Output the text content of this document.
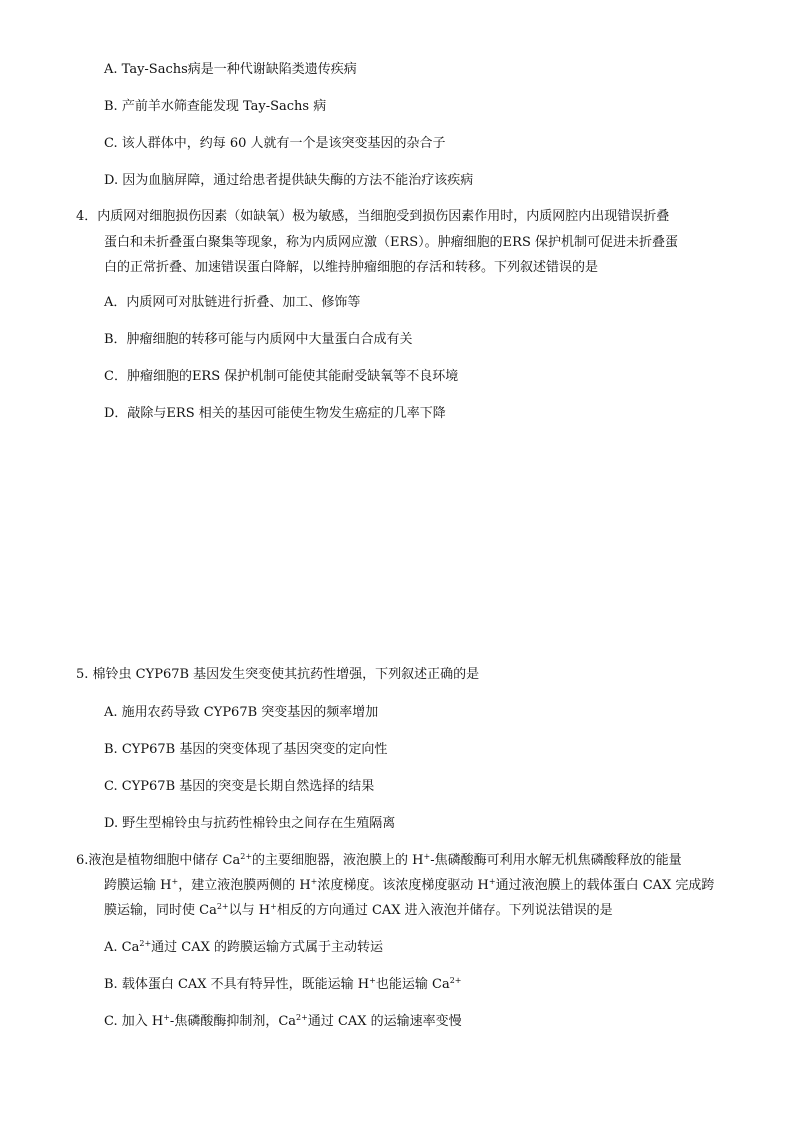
A. Tay-Sachs病是一种代谢缺陷类遗传疾病
B. 产前羊水筛查能发现 Tay-Sachs 病
C. 该人群体中，约每 60 人就有一个是该突变基因的杂合子
D. 因为血脑屏障，通过给患者提供缺失酶的方法不能治疗该疾病
4．内质网对细胞损伤因素（如缺氧）极为敏感，当细胞受到损伤因素作用时，内质网腔内出现错误折叠
蛋白和未折叠蛋白聚集等现象，称为内质网应激（ERS）。肿瘤细胞的ERS 保护机制可促进未折叠蛋
白的正常折叠、加速错误蛋白降解，以维持肿瘤细胞的存活和转移。下列叙述错误的是
A．内质网可对肽链进行折叠、加工、修饰等
B．肿瘤细胞的转移可能与内质网中大量蛋白合成有关
C．肿瘤细胞的ERS 保护机制可能使其能耐受缺氧等不良环境
D．敲除与ERS 相关的基因可能使生物发生癌症的几率下降
5. 棉铃虫 CYP67B 基因发生突变使其抗药性增强，下列叙述正确的是
A. 施用农药导致 CYP67B 突变基因的频率增加
B. CYP67B 基因的突变体现了基因突变的定向性
C. CYP67B 基因的突变是长期自然选择的结果
D. 野生型棉铃虫与抗药性棉铃虫之间存在生殖隔离
6.液泡是植物细胞中储存 $Ca^{2+}$的主要细胞器，液泡膜上的 H+-焦磷酸酶可利用水解无机焦磷酸释放的能量
跨膜运输 H+，建立液泡膜两侧的 H+浓度梯度。该浓度梯度驱动 H+通过液泡膜上的载体蛋白 CAX 完成跨
膜运输，同时使 $Ca^{2+}$以与 H+相反的方向通过 CAX 进入液泡并储存。下列说法错误的是
A. $Ca^{2+}$通过 CAX 的跨膜运输方式属于主动转运
B. 载体蛋白 CAX 不具有特异性，既能运输 H+也能运输 $Ca^{2+}$
C. 加入 H+-焦磷酸酶抑制剂，$Ca^{2+}$通过 CAX 的运输速率变慢
